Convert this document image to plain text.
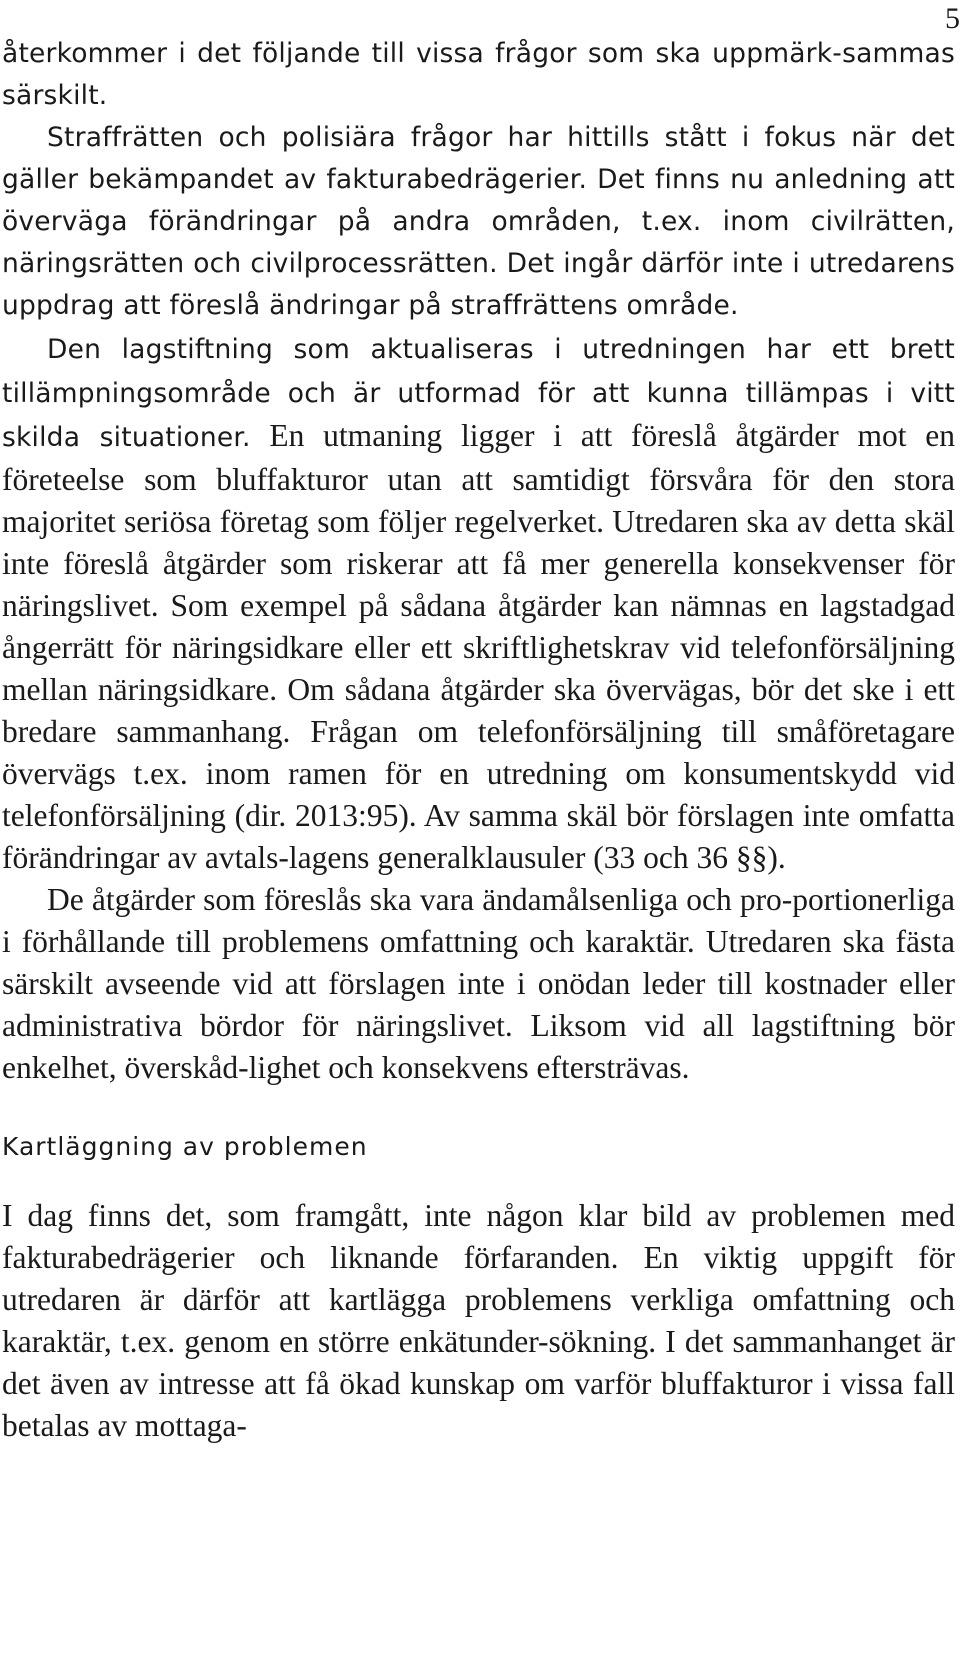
5

återkommer i det följande till vissa frågor som ska uppmärk-sammas särskilt.

Straffrätten och polisiära frågor har hittills stått i fokus när det gäller bekämpandet av fakturabedrägerier. Det finns nu anledning att överväga förändringar på andra områden, t.ex. inom civilrätten, näringsrätten och civilprocessrätten. Det ingår därför inte i utredarens uppdrag att föreslå ändringar på straffrättens område.

Den lagstiftning som aktualiseras i utredningen har ett brett tillämpningsområde och är utformad för att kunna tillämpas i vitt skilda situationer. En utmaning ligger i att föreslå åtgärder mot en företeelse som bluffakturor utan att samtidigt försvåra för den stora majoritet seriösa företag som följer regelverket. Utredaren ska av detta skäl inte föreslå åtgärder som riskerar att få mer generella konsekvenser för näringslivet. Som exempel på sådana åtgärder kan nämnas en lagstadgad ångerrätt för näringsidkare eller ett skriftlighetskrav vid telefonförsäljning mellan näringsidkare. Om sådana åtgärder ska övervägas, bör det ske i ett bredare sammanhang. Frågan om telefonförsäljning till småföretagare övervägs t.ex. inom ramen för en utredning om konsumentskydd vid telefonförsäljning (dir. 2013:95). Av samma skäl bör förslagen inte omfatta förändringar av avtals-lagens generalklausuler (33 och 36 §§).

De åtgärder som föreslås ska vara ändamålsenliga och pro-portionerliga i förhållande till problemens omfattning och karaktär. Utredaren ska fästa särskilt avseende vid att förslagen inte i onödan leder till kostnader eller administrativa bördor för näringslivet. Liksom vid all lagstiftning bör enkelhet, överskåd-lighet och konsekvens eftersträvas.

Kartläggning av problemen

I dag finns det, som framgått, inte någon klar bild av problemen med fakturabedrägerier och liknande förfaranden. En viktig uppgift för utredaren är därför att kartlägga problemens verkliga omfattning och karaktär, t.ex. genom en större enkätunder-sökning. I det sammanhanget är det även av intresse att få ökad kunskap om varför bluffakturor i vissa fall betalas av mottaga-
